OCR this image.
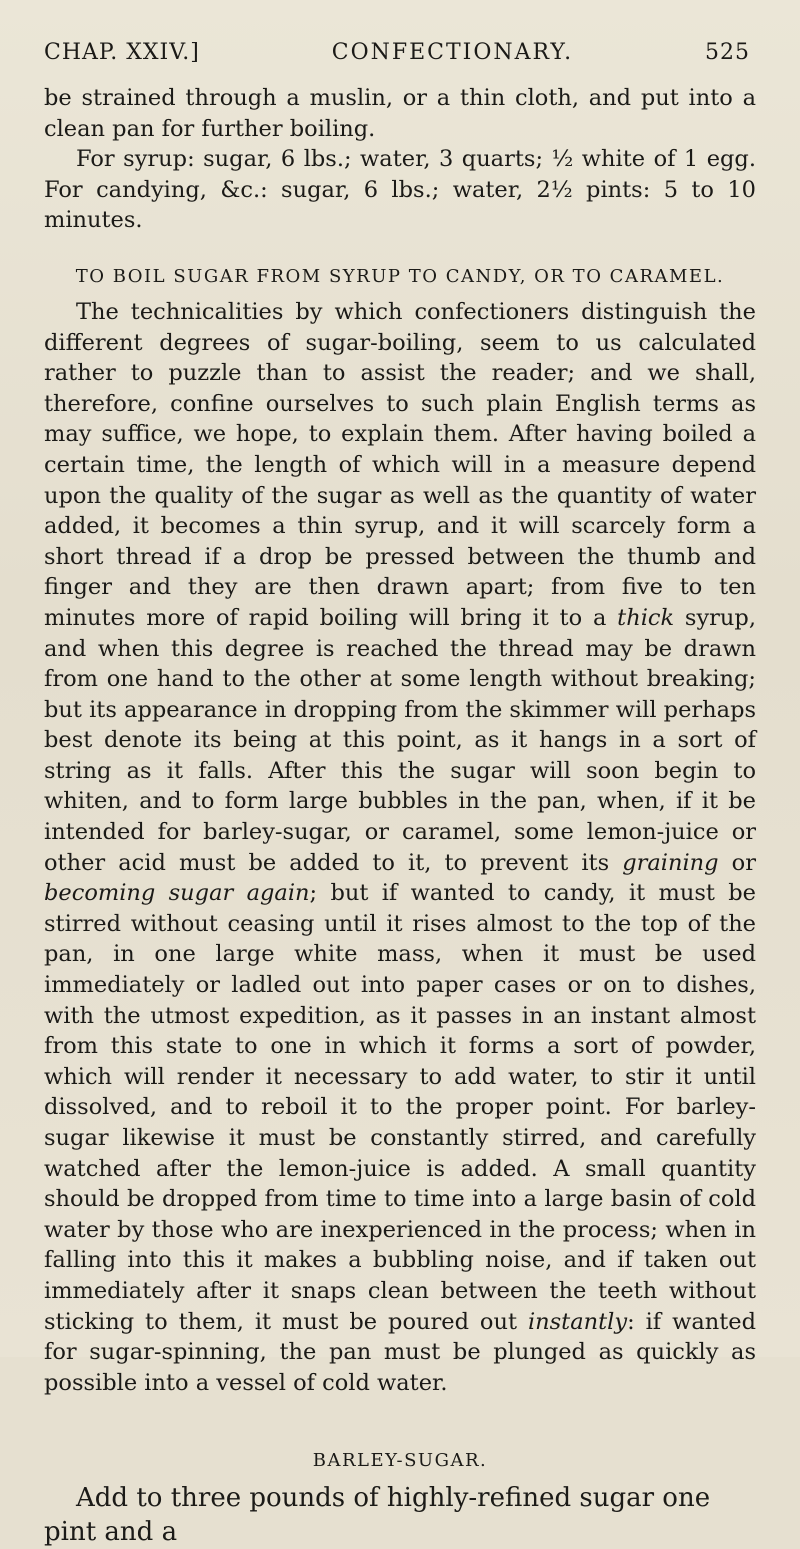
CHAP. XXIV.]	CONFECTIONARY.	525

be strained through a muslin, or a thin cloth, and put into a clean pan for further boiling.

For syrup: sugar, 6 lbs.; water, 3 quarts; ½ white of 1 egg. For candying, &c.: sugar, 6 lbs.; water, 2½ pints: 5 to 10 minutes.

TO BOIL SUGAR FROM SYRUP TO CANDY, OR TO CARAMEL.

The technicalities by which confectioners distinguish the different degrees of sugar-boiling, seem to us calculated rather to puzzle than to assist the reader; and we shall, therefore, confine ourselves to such plain English terms as may suffice, we hope, to explain them. After having boiled a certain time, the length of which will in a measure depend upon the quality of the sugar as well as the quantity of water added, it becomes a thin syrup, and it will scarcely form a short thread if a drop be pressed between the thumb and finger and they are then drawn apart; from five to ten minutes more of rapid boiling will bring it to a thick syrup, and when this degree is reached the thread may be drawn from one hand to the other at some length without breaking; but its appearance in dropping from the skimmer will perhaps best denote its being at this point, as it hangs in a sort of string as it falls. After this the sugar will soon begin to whiten, and to form large bubbles in the pan, when, if it be intended for barley-sugar, or caramel, some lemon-juice or other acid must be added to it, to prevent its graining or becoming sugar again; but if wanted to candy, it must be stirred without ceasing until it rises almost to the top of the pan, in one large white mass, when it must be used immediately or ladled out into paper cases or on to dishes, with the utmost expedition, as it passes in an instant almost from this state to one in which it forms a sort of powder, which will render it necessary to add water, to stir it until dissolved, and to reboil it to the proper point. For barley-sugar likewise it must be constantly stirred, and carefully watched after the lemon-juice is added. A small quantity should be dropped from time to time into a large basin of cold water by those who are inexperienced in the process; when in falling into this it makes a bubbling noise, and if taken out immediately after it snaps clean between the teeth without sticking to them, it must be poured out instantly: if wanted for sugar-spinning, the pan must be plunged as quickly as possible into a vessel of cold water.

BARLEY-SUGAR.

Add to three pounds of highly-refined sugar one pint and a
